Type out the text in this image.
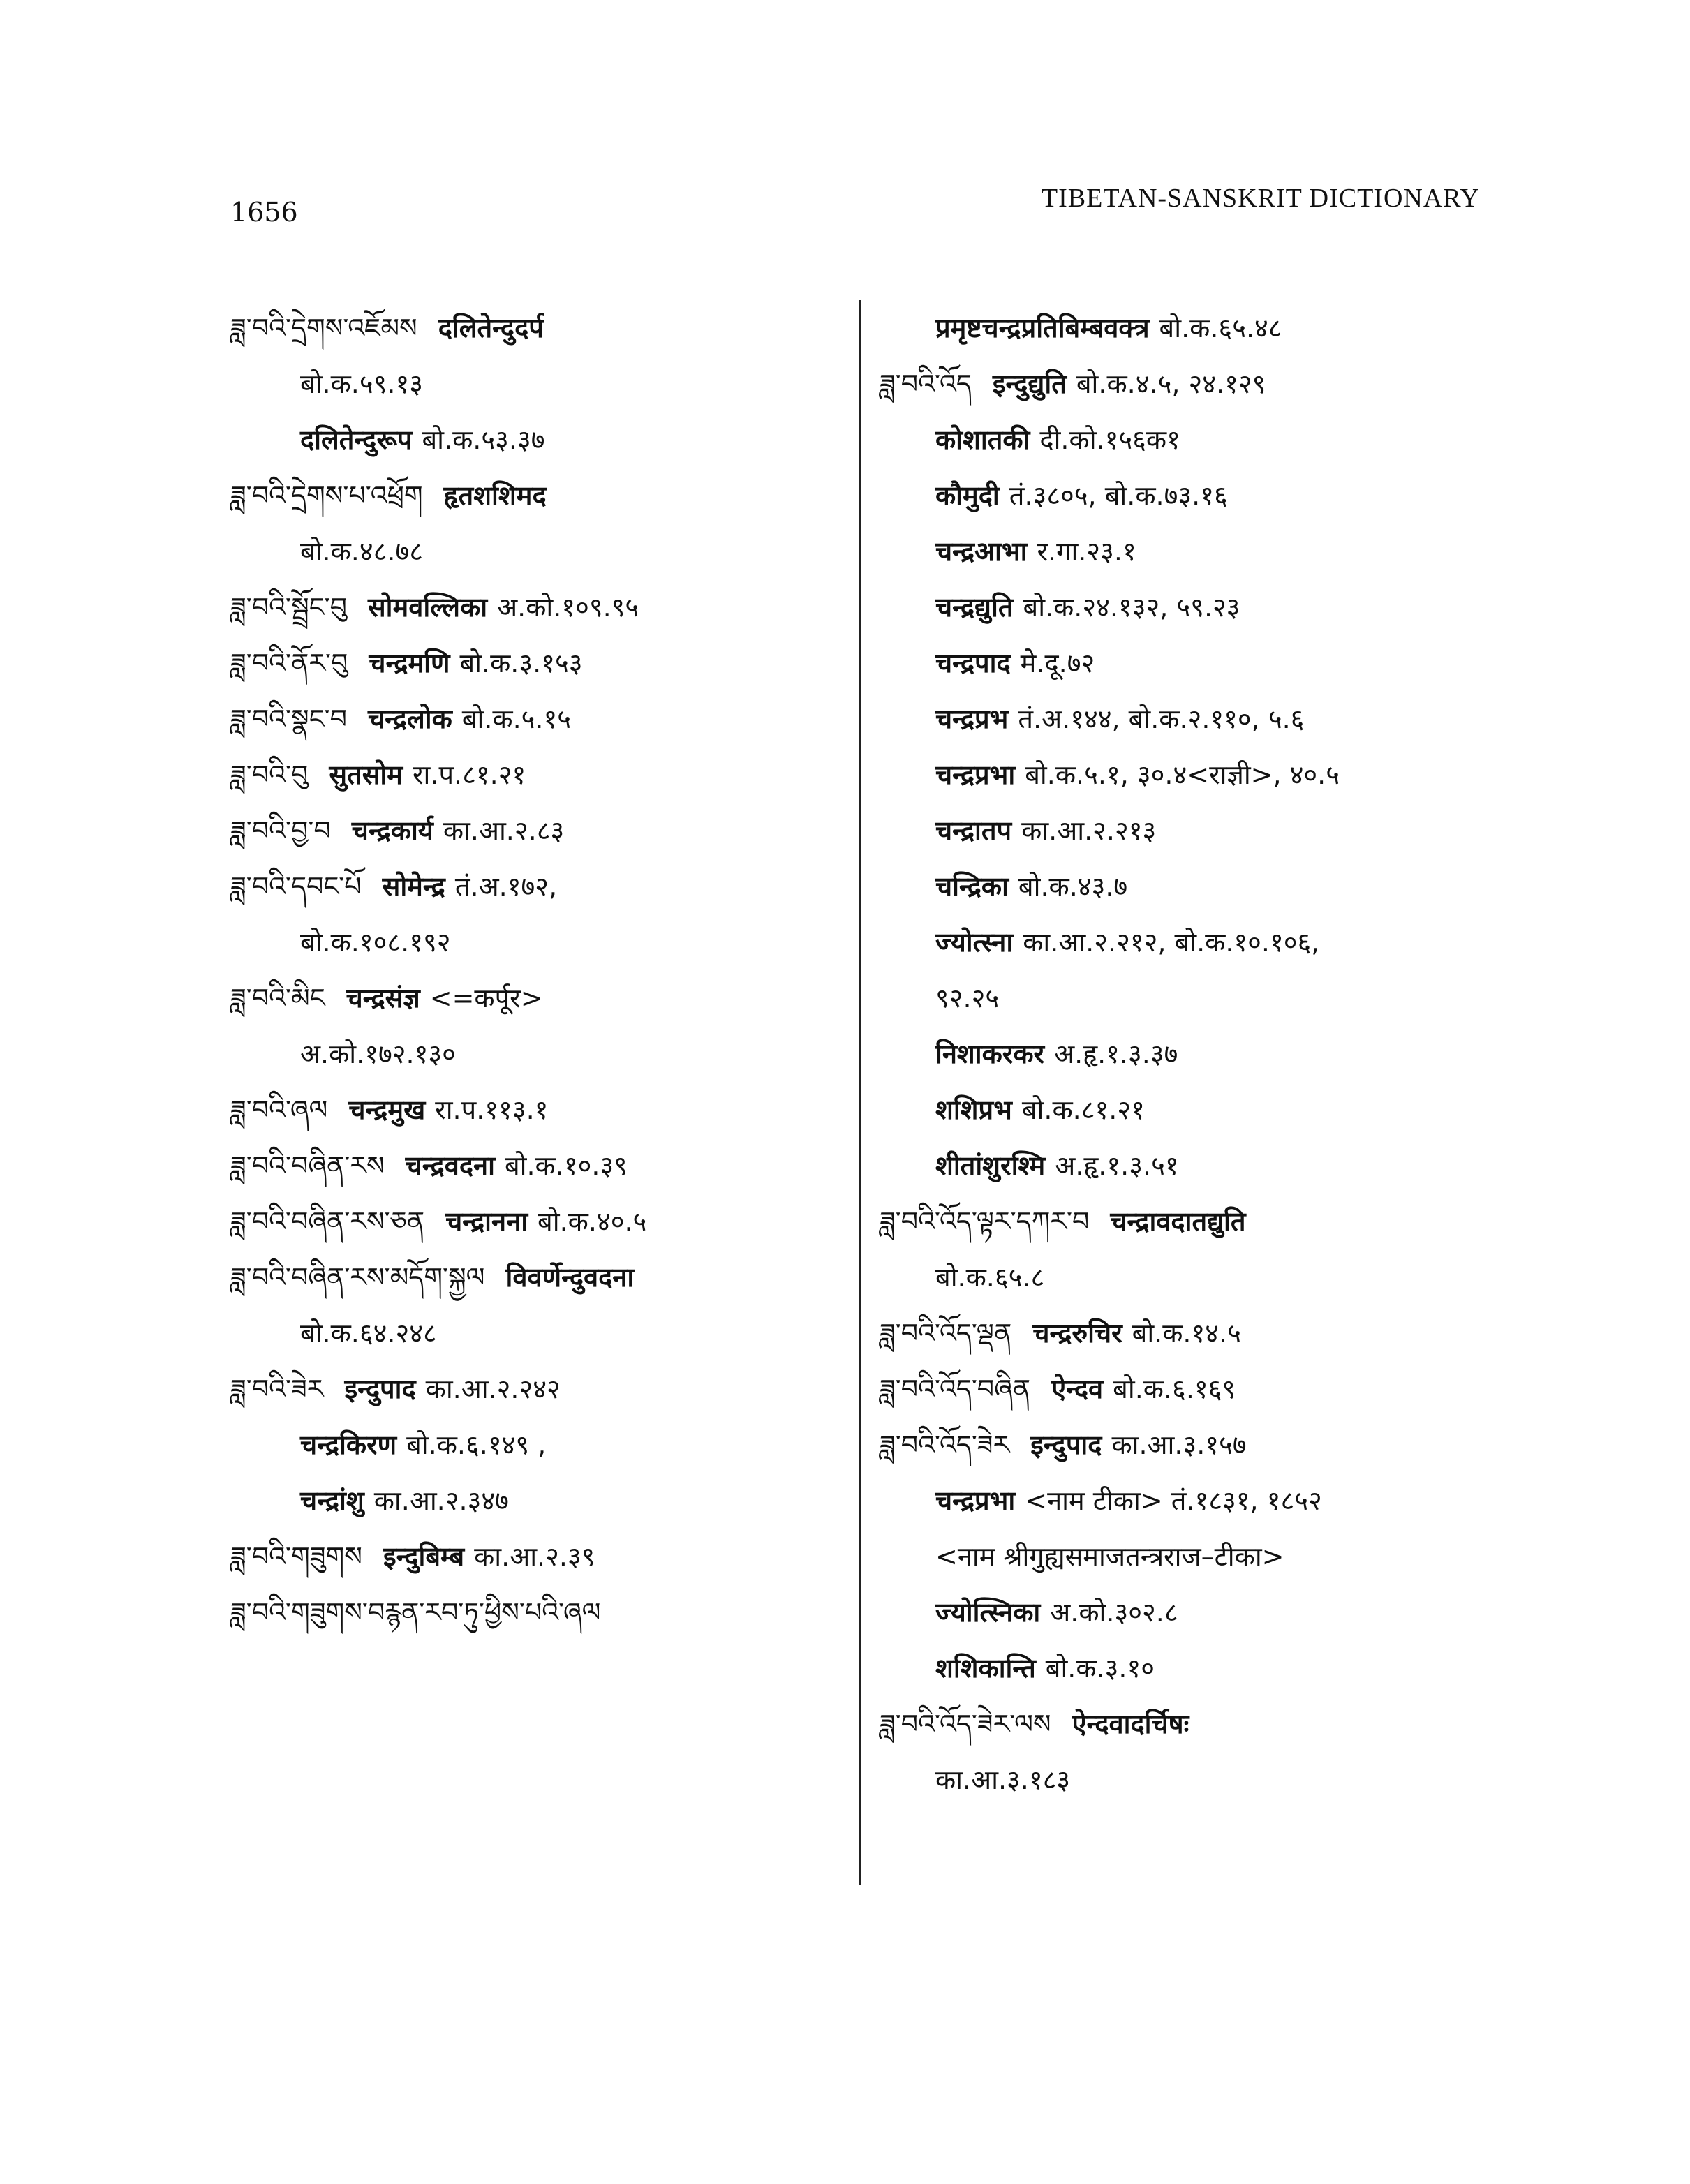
1656	TIBETAN-SANSKRIT DICTIONARY
ཟླ་བའི་དྲེགས་འཇོམས दलितेन्दुदर्प
बो.क.५९.१३
दलितेन्दुरूप बो.क.५३.३७
ཟླ་བའི་དྲེགས་པ་འཕྲོག हृतशशिमद
बो.क.४८.७८
ཟླ་བའི་སྦྲོང་བུ सोमवल्लिका अ.को.१०९.९५
ཟླ་བའི་ནོར་བུ चन्द्रमणि बो.क.३.१५३
ཟླ་བའི་སྣང་བ चन्द्रलोक बो.क.५.१५
ཟླ་བའི་བུ सुतसोम रा.प.८१.२१
ཟླ་བའི་བྱ་བ चन्द्रकार्य का.आ.२.८३
ཟླ་བའི་དབང་པོ सोमेन्द्र तं.अ.१७२,
बो.क.१०८.१९२
ཟླ་བའི་མིང चन्द्रसंज्ञ <=कर्पूर>
अ.को.१७२.१३०
ཟླ་བའི་ཞལ चन्द्रमुख रा.प.११३.१
ཟླ་བའི་བཞིན་རས चन्द्रवदना बो.क.१०.३९
ཟླ་བའི་བཞིན་རས་ཅན चन्द्रानना बो.क.४०.५
ཟླ་བའི་བཞིན་རས་མདོག་སྐྱལ विवर्णेन्दुवदना
बो.क.६४.२४८
ཟླ་བའི་ཟེར इन्दुपाद का.आ.२.२४२
चन्द्रकिरण बो.क.६.१४९ ,
चन्द्रांशु का.आ.२.३४७
ཟླ་བའི་གཟུགས इन्दुबिम्ब का.आ.२.३९
ཟླ་བའི་གཟུགས་བརྙན་རབ་ཏུ་ཕྱིས་པའི་ཞལ
प्रमृष्टचन्द्रप्रतिबिम्बवक्त्र बो.क.६५.४८
ཟླ་བའི་འོད इन्दुद्युति बो.क.४.५, २४.१२९
कोशातकी दी.को.१५६क१
कौमुदी तं.३८०५, बो.क.७३.१६
चन्द्रआभा र.गा.२३.१
चन्द्रद्युति बो.क.२४.१३२, ५९.२३
चन्द्रपाद मे.दू.७२
चन्द्रप्रभ तं.अ.१४४, बो.क.२.११०, ५.६
चन्द्रप्रभा बो.क.५.१, ३०.४<राज्ञी>, ४०.५
चन्द्रातप का.आ.२.२१३
चन्द्रिका बो.क.४३.७
ज्योत्स्ना का.आ.२.२१२, बो.क.१०.१०६,
९२.२५
निशाकरकर अ.हृ.१.३.३७
शशिप्रभ बो.क.८१.२१
शीतांशुरश्मि अ.हृ.१.३.५१
ཟླ་བའི་འོད་ལྟར་དཀར་བ चन्द्रावदातद्युति
बो.क.६५.८
ཟླ་བའི་འོད་ལྡན चन्द्ररुचिर बो.क.१४.५
ཟླ་བའི་འོད་བཞིན ऐन्दव बो.क.६.१६९
ཟླ་བའི་འོད་ཟེར इन्दुपाद का.आ.३.१५७
चन्द्रप्रभा <नाम टीका> तं.१८३१, १८५२
<नाम श्रीगुह्यसमाजतन्त्रराज–टीका>
ज्योत्स्निका अ.को.३०२.८
शशिकान्ति बो.क.३.१०
ཟླ་བའི་འོད་ཟེར་ལས ऐन्दवादर्चिषः
का.आ.३.१८३
